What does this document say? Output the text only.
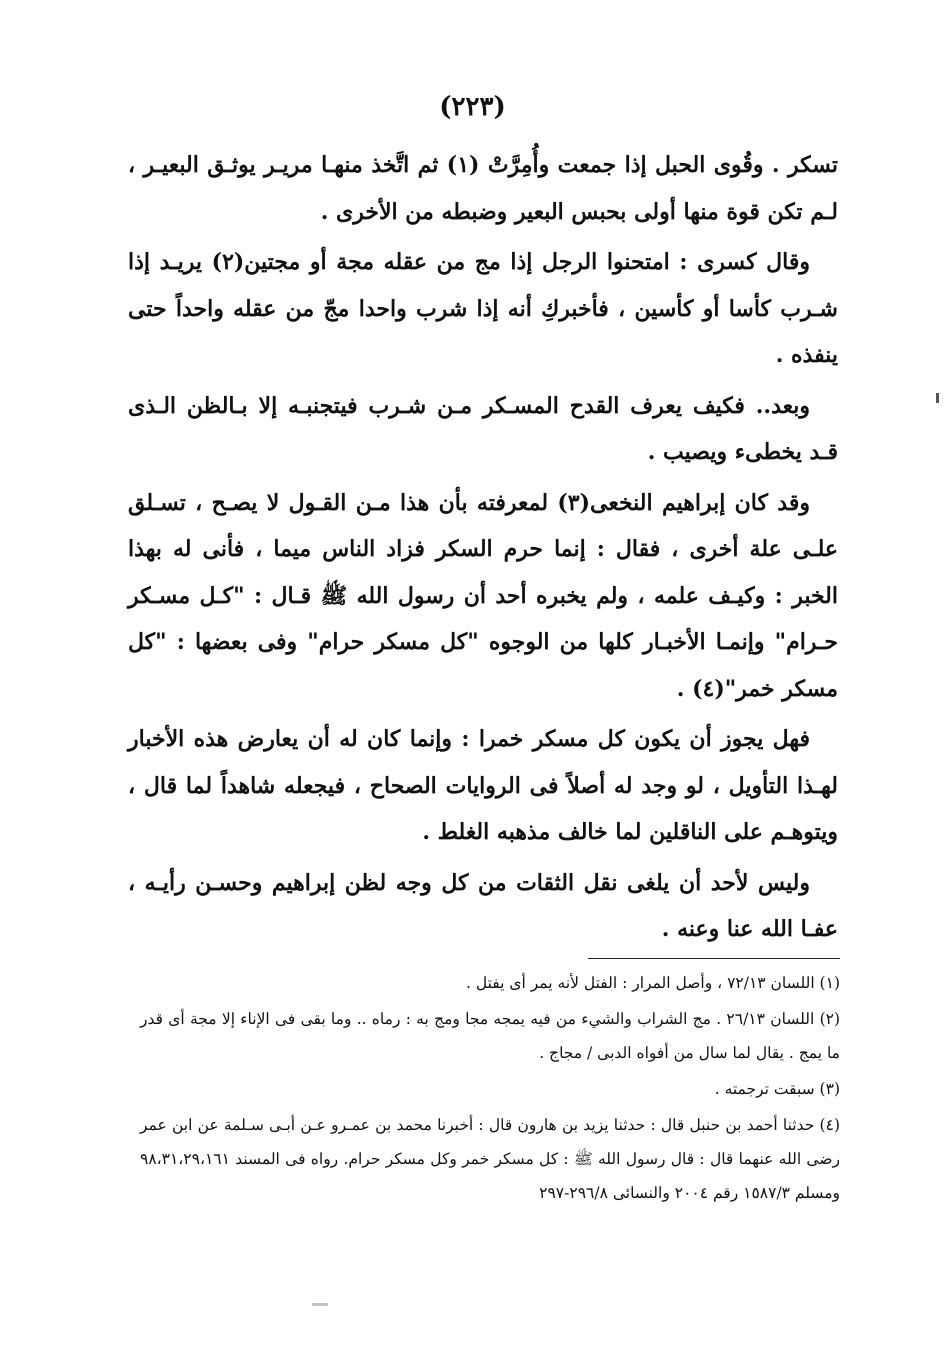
(٢٢٣)

تسكر . وقُوى الحبل إذا جمعت وأُمِرَّتْ (١) ثم اتَّخذ منهـا مريـر يوثـق البعيـر ، لـم تكن قوة منها أولى بحبس البعير وضبطه من الأخرى .

وقال كسرى : امتحنوا الرجل إذا مج من عقله مجة أو مجتين(٢) يريـد إذا شـرب كأسا أو كأسين ، فأخبركِ أنه إذا شرب واحدا مجّ من عقله واحداً حتى ينفذه .

وبعد.. فكيف يعرف القدح المسـكر مـن شـرب فيتجنبـه إلا بـالظن الـذى قـد يخطىء ويصيب .

وقد كان إبراهيم النخعى(٣) لمعرفته بأن هذا مـن القـول لا يصـح ، تسـلق علـى علة أخرى ، فقال : إنما حرم السكر فزاد الناس ميما ، فأنى له بهذا الخبر : وكيـف علمه ، ولم يخبره أحد أن رسول الله ﷺ قـال : "كـل مسـكر حـرام" وإنمـا الأخبـار كلها من الوجوه "كل مسكر حرام" وفى بعضها : "كل مسكر خمر"(٤) .

فهل يجوز أن يكون كل مسكر خمرا : وإنما كان له أن يعارض هذه الأخبار لهـذا التأويل ، لو وجد له أصلاً فى الروايات الصحاح ، فيجعله شاهداً لما قال ، ويتوهـم على الناقلين لما خالف مذهبه الغلط .

وليس لأحد أن يلغى نقل الثقات من كل وجه لظن إبراهيم وحسـن رأيـه ، عفـا الله عنا وعنه .

(١) اللسان ٧٢/١٣ ، وأصل المرار : الفتل لأنه يمر أى يفتل .

(٢) اللسان ٢٦/١٣ . مج الشراب والشيء من فيه يمجه مجا ومج به : رماه .. وما بقى فى الإناء إلا مجة أى قدر ما يمج . يقال لما سال من أفواه الدبى / مجاج .

(٣) سبقت ترجمته .

(٤) حدثنا أحمد بن حنبل قال : حدثنا يزيد بن هارون قال : أخبرنا محمد بن عمـرو عـن أبـى سـلمة عن ابن عمر رضى الله عنهما قال : قال رسول الله ﷺ : كل مسكر خمر وكل مسكر حرام. رواه فى المسند ٩٨،٣١،٢٩،١٦١ ومسلم ١٥٨٧/٣ رقم ٢٠٠٤ والنسائى ٢٩٦/٨-٢٩٧
